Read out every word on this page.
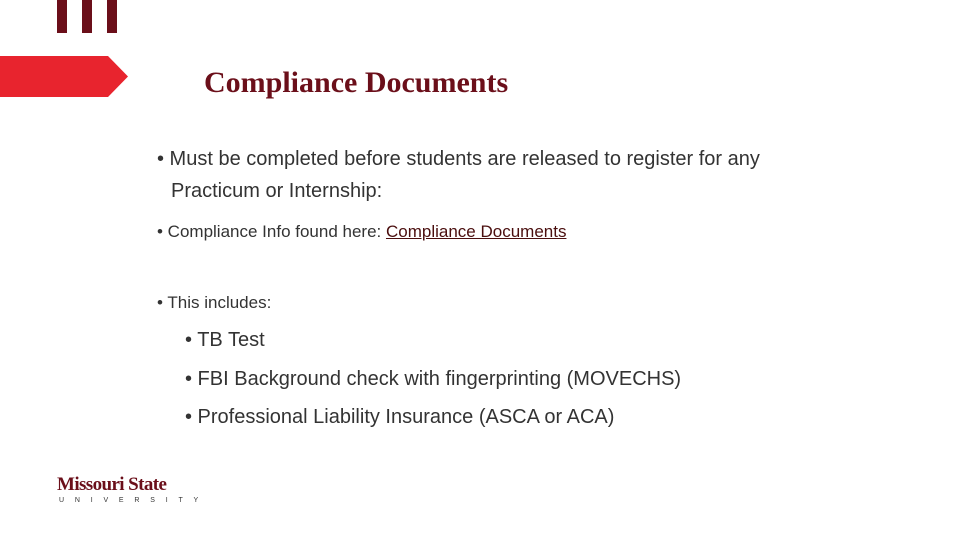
Compliance Documents
• Must be completed before students are released to register for any
Practicum or Internship:
• Compliance Info found here: Compliance Documents
• This includes:
• TB Test
• FBI Background check with fingerprinting (MOVECHS)
• Professional Liability Insurance (ASCA or ACA)
Missouri State
UNIVERSITY
